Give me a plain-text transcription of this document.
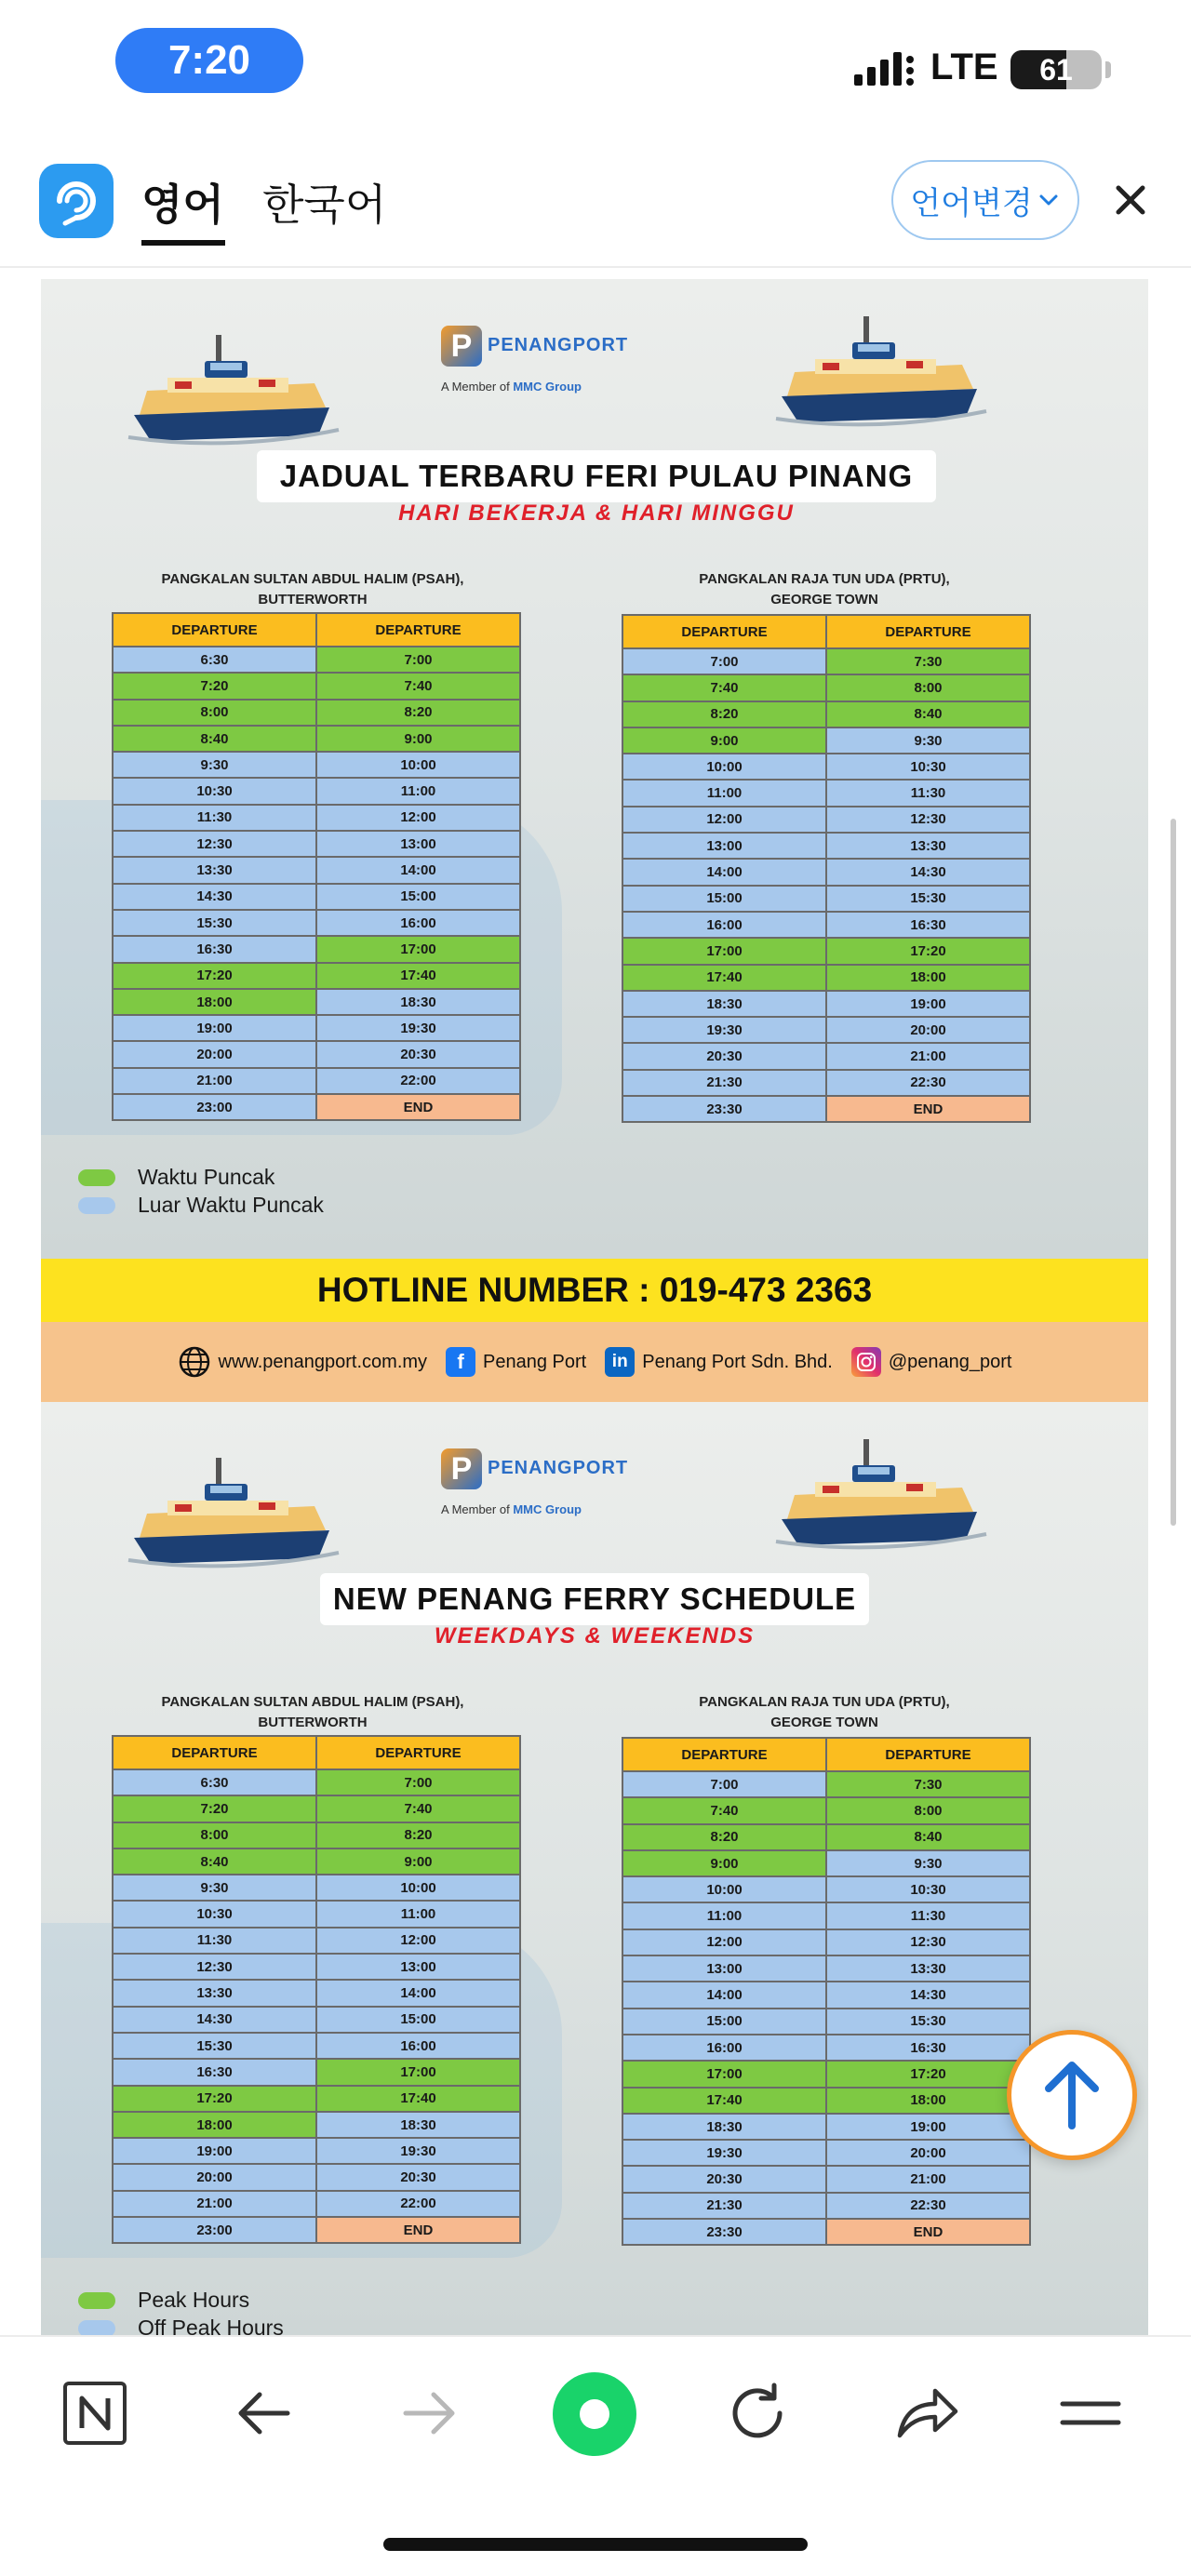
7:20	LTE	61
영어 한국어	언어변경
P PENANGPORT
A Member of MMC Group
JADUAL TERBARU FERI PULAU PINANG
HARI BEKERJA & HARI MINGGU
PANGKALAN SULTAN ABDUL HALIM (PSAH),
BUTTERWORTH
PANGKALAN RAJA TUN UDA (PRTU),
GEORGE TOWN
DEPARTURE	DEPARTURE
6:30	7:00
7:20	7:40
8:00	8:20
8:40	9:00
9:30	10:00
10:30	11:00
11:30	12:00
12:30	13:00
13:30	14:00
14:30	15:00
15:30	16:00
16:30	17:00
17:20	17:40
18:00	18:30
19:00	19:30
20:00	20:30
21:00	22:00
23:00	END
DEPARTURE	DEPARTURE
7:00	7:30
7:40	8:00
8:20	8:40
9:00	9:30
10:00	10:30
11:00	11:30
12:00	12:30
13:00	13:30
14:00	14:30
15:00	15:30
16:00	16:30
17:00	17:20
17:40	18:00
18:30	19:00
19:30	20:00
20:30	21:00
21:30	22:30
23:30	END
Waktu Puncak
Luar Waktu Puncak
P PENANGPORT
A Member of MMC Group
NEW PENANG FERRY SCHEDULE
WEEKDAYS & WEEKENDS
PANGKALAN SULTAN ABDUL HALIM (PSAH),
BUTTERWORTH
PANGKALAN RAJA TUN UDA (PRTU),
GEORGE TOWN
DEPARTURE	DEPARTURE
6:30	7:00
7:20	7:40
8:00	8:20
8:40	9:00
9:30	10:00
10:30	11:00
11:30	12:00
12:30	13:00
13:30	14:00
14:30	15:00
15:30	16:00
16:30	17:00
17:20	17:40
18:00	18:30
19:00	19:30
20:00	20:30
21:00	22:00
23:00	END
DEPARTURE	DEPARTURE
7:00	7:30
7:40	8:00
8:20	8:40
9:00	9:30
10:00	10:30
11:00	11:30
12:00	12:30
13:00	13:30
14:00	14:30
15:00	15:30
16:00	16:30
17:00	17:20
17:40	18:00
18:30	19:00
19:30	20:00
20:30	21:00
21:30	22:30
23:30	END
Peak Hours
Off Peak Hours
HOTLINE NUMBER : 019-473 2363
www.penangport.com.my	f	Penang Port	in Penang Port Sdn. Bhd.	@penang_port
